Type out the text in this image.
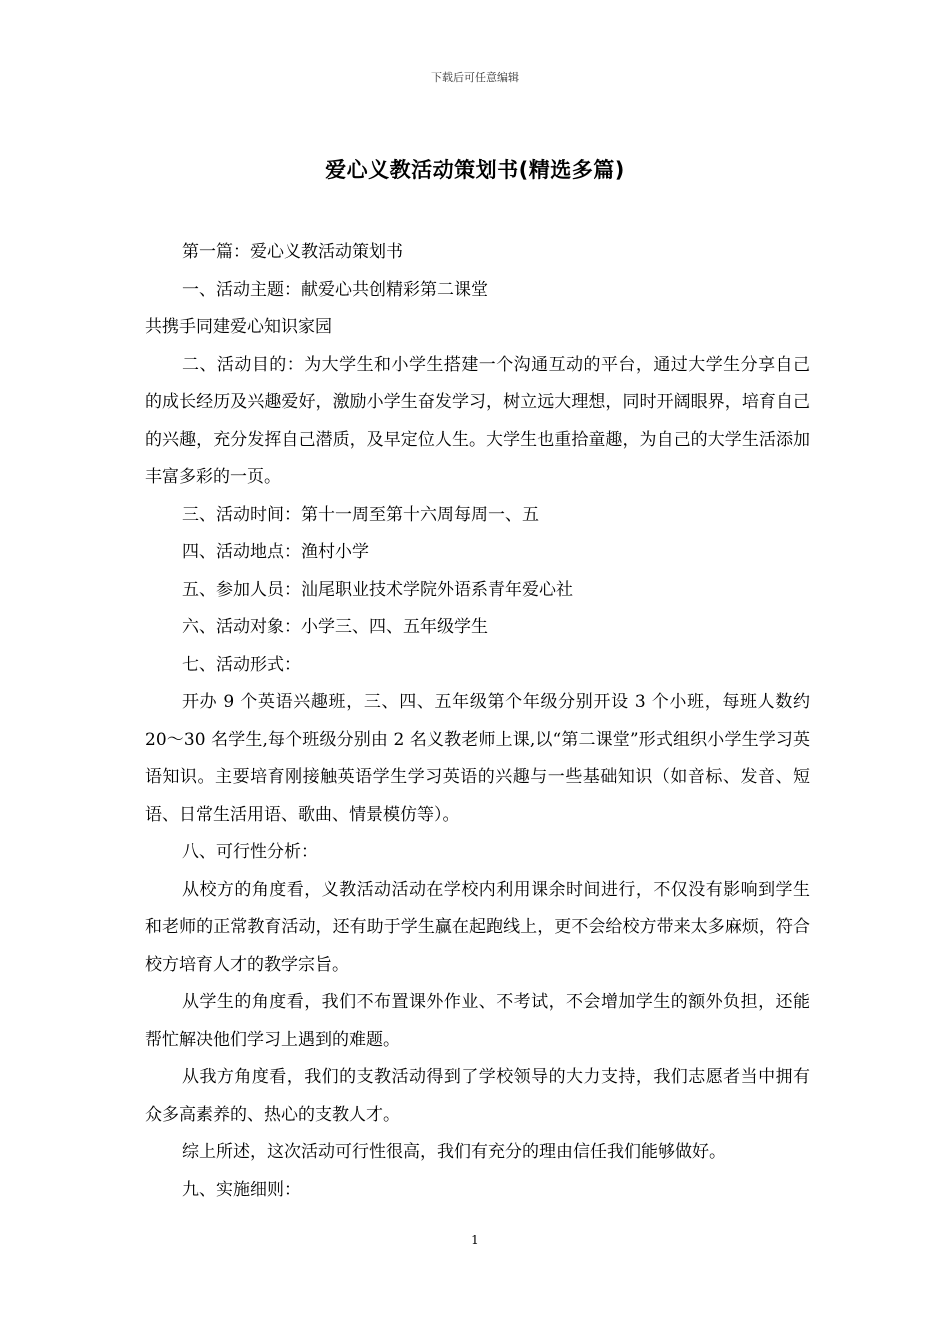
下载后可任意编辑
爱心义教活动策划书(精选多篇)

第一篇：爱心义教活动策划书

一、活动主题：献爱心共创精彩第二课堂

共携手同建爱心知识家园

二、活动目的：为大学生和小学生搭建一个沟通互动的平台，通过大学生分享自己的成长经历及兴趣爱好，激励小学生奋发学习，树立远大理想，同时开阔眼界，培育自己的兴趣，充分发挥自己潜质，及早定位人生。大学生也重拾童趣，为自己的大学生活添加丰富多彩的一页。

三、活动时间：第十一周至第十六周每周一、五

四、活动地点：渔村小学

五、参加人员：汕尾职业技术学院外语系青年爱心社

六、活动对象：小学三、四、五年级学生

七、活动形式：

开办 9 个英语兴趣班，三、四、五年级第个年级分别开设 3 个小班，每班人数约 20～30 名学生,每个班级分别由 2 名义教老师上课,以“第二课堂”形式组织小学生学习英语知识。主要培育刚接触英语学生学习英语的兴趣与一些基础知识（如音标、发音、短语、日常生活用语、歌曲、情景模仿等）。

八、可行性分析：

从校方的角度看，义教活动活动在学校内利用课余时间进行，不仅没有影响到学生和老师的正常教育活动，还有助于学生赢在起跑线上，更不会给校方带来太多麻烦，符合校方培育人才的教学宗旨。

从学生的角度看，我们不布置课外作业、不考试，不会增加学生的额外负担，还能帮忙解决他们学习上遇到的难题。

从我方角度看，我们的支教活动得到了学校领导的大力支持，我们志愿者当中拥有众多高素养的、热心的支教人才。

综上所述，这次活动可行性很高，我们有充分的理由信任我们能够做好。

九、实施细则：

1
